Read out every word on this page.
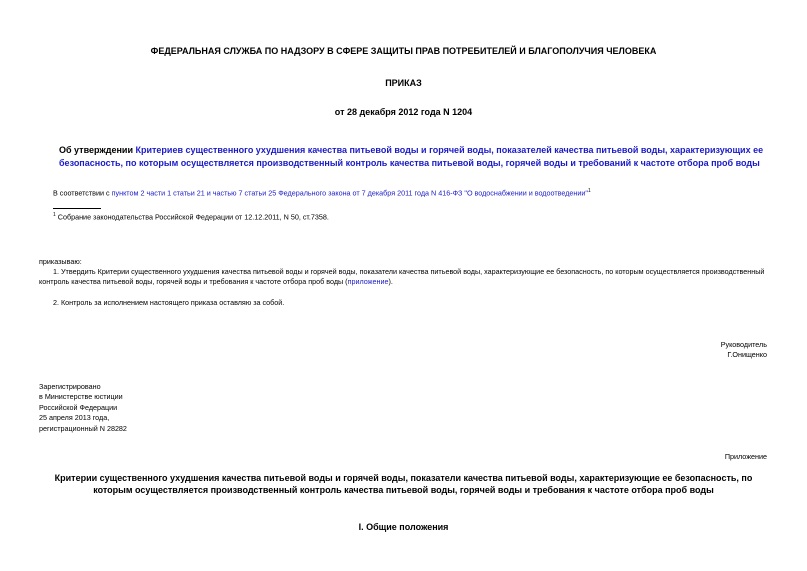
ФЕДЕРАЛЬНАЯ СЛУЖБА ПО НАДЗОРУ В СФЕРЕ ЗАЩИТЫ ПРАВ ПОТРЕБИТЕЛЕЙ И БЛАГОПОЛУЧИЯ ЧЕЛОВЕКА
ПРИКАЗ
от 28 декабря 2012 года N 1204
Об утверждении Критериев существенного ухудшения качества питьевой воды и горячей воды, показателей качества питьевой воды, характеризующих ее
безопасность, по которым осуществляется производственный контроль качества питьевой воды, горячей воды и требований к частоте отбора проб воды
В соответствии с пунктом 2 части 1 статьи 21 и частью 7 статьи 25 Федерального закона от 7 декабря 2011 года N 416-ФЗ "О водоснабжении и водоотведении"$^1$
$^1$ Собрание законодательства Российской Федерации от 12.12.2011, N 50, ст.7358.
приказываю:
1. Утвердить Критерии существенного ухудшения качества питьевой воды и горячей воды, показатели качества питьевой воды, характеризующие ее безопасность, по которым осуществляется производственный
контроль качества питьевой воды, горячей воды и требования к частоте отбора проб воды (приложение).
2. Контроль за исполнением настоящего приказа оставляю за собой.
Руководитель
Г.Онищенко
Зарегистрировано
в Министерстве юстиции
Российской Федерации
25 апреля 2013 года,
регистрационный N 28282
Приложение
Критерии существенного ухудшения качества питьевой воды и горячей воды, показатели качества питьевой воды, характеризующие ее безопасность, по
которым осуществляется производственный контроль качества питьевой воды, горячей воды и требования к частоте отбора проб воды
I. Общие положения
